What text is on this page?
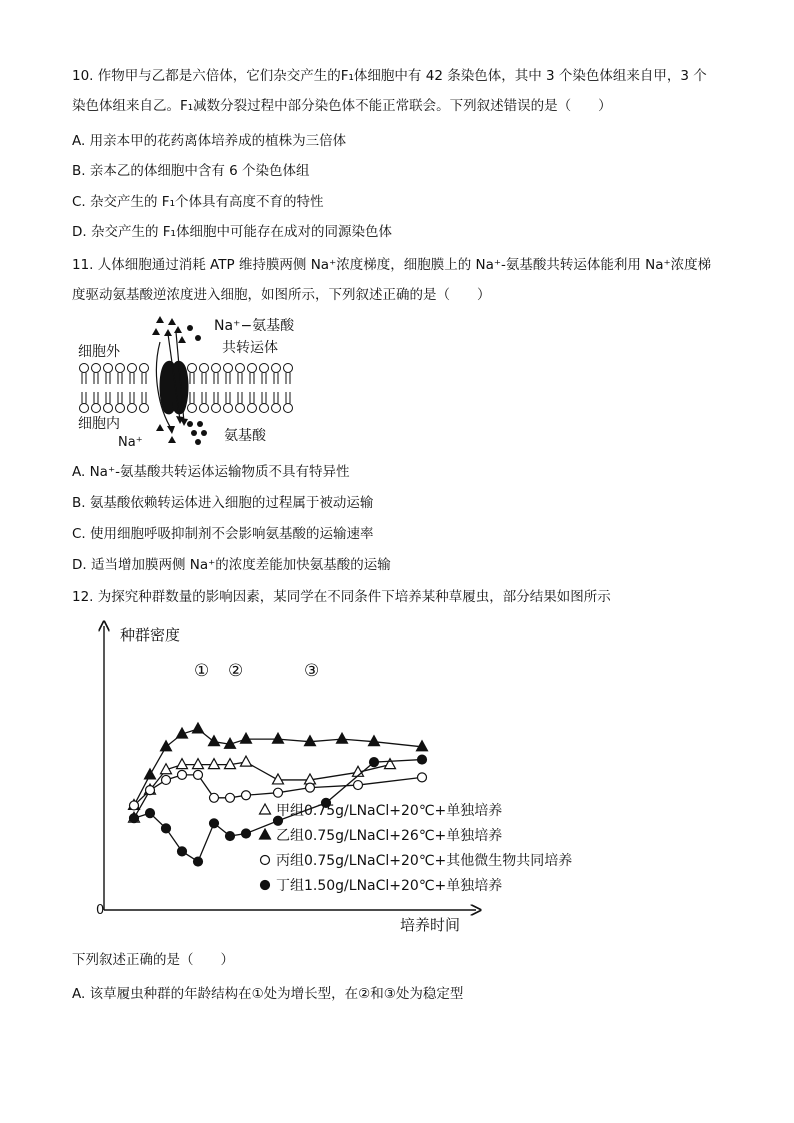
10. 作物甲与乙都是六倍体，它们杂交产生的F₁体细胞中有 42 条染色体，其中 3 个染色体组来自甲，3 个
染色体组来自乙。F₁减数分裂过程中部分染色体不能正常联会。下列叙述错误的是（　　）
A. 用亲本甲的花药离体培养成的植株为三倍体
B. 亲本乙的体细胞中含有 6 个染色体组
C. 杂交产生的 F₁个体具有高度不育的特性
D. 杂交产生的 F₁体细胞中可能存在成对的同源染色体
11. 人体细胞通过消耗 ATP 维持膜两侧 Na⁺浓度梯度，细胞膜上的 Na⁺-氨基酸共转运体能利用 Na⁺浓度梯
度驱动氨基酸逆浓度进入细胞，如图所示，下列叙述正确的是（　　）
Na⁺−氨基酸
共转运体
细胞外
细胞内
Na⁺	氨基酸
A. Na⁺-氨基酸共转运体运输物质不具有特异性
B. 氨基酸依赖转运体进入细胞的过程属于被动运输
C. 使用细胞呼吸抑制剂不会影响氨基酸的运输速率
D. 适当增加膜两侧 Na⁺的浓度差能加快氨基酸的运输
12. 为探究种群数量的影响因素，某同学在不同条件下培养某种草履虫，部分结果如图所示
种群密度
培养时间
0
① ②	③
甲组0.75g/LNaCl+20℃+单独培养
乙组0.75g/LNaCl+26℃+单独培养
丙组0.75g/LNaCl+20℃+其他微生物共同培养
丁组1.50g/LNaCl+20℃+单独培养
下列叙述正确的是（　　）
A. 该草履虫种群的年龄结构在①处为增长型，在②和③处为稳定型
